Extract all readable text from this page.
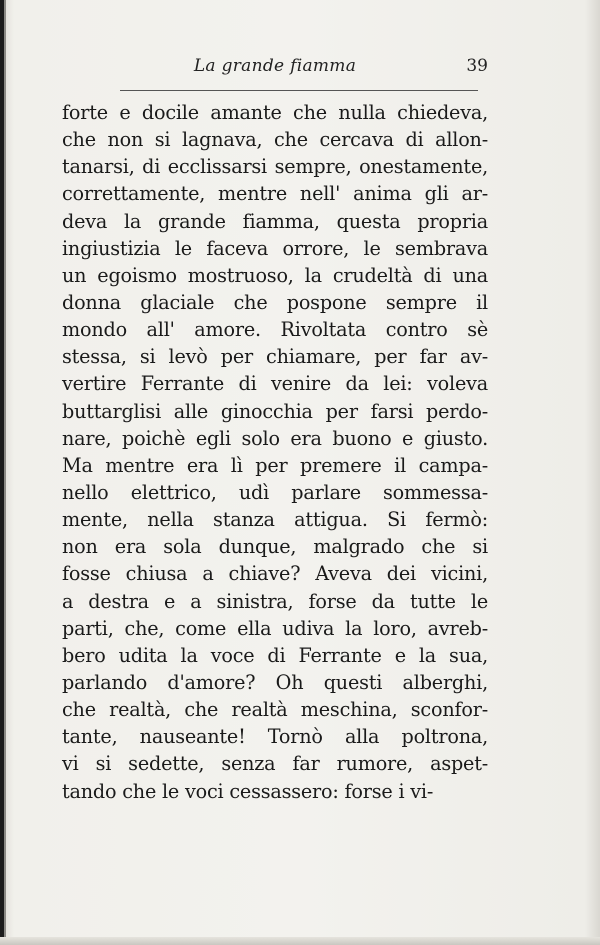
La grande fiamma	39
forte e docile amante che nulla chiedeva,
che non si lagnava, che cercava di allon-
tanarsi, di ecclissarsi sempre, onestamente,
correttamente, mentre nell' anima gli ar-
deva la grande fiamma, questa propria
ingiustizia le faceva orrore, le sembrava
un egoismo mostruoso, la crudeltà di una
donna glaciale che pospone sempre il
mondo all' amore. Rivoltata contro sè
stessa, si levò per chiamare, per far av-
vertire Ferrante di venire da lei: voleva
buttarglisi alle ginocchia per farsi perdo-
nare, poichè egli solo era buono e giusto.
Ma mentre era lì per premere il campa-
nello elettrico, udì parlare sommessa-
mente, nella stanza attigua. Si fermò:
non era sola dunque, malgrado che si
fosse chiusa a chiave? Aveva dei vicini,
a destra e a sinistra, forse da tutte le
parti, che, come ella udiva la loro, avreb-
bero udita la voce di Ferrante e la sua,
parlando d'amore? Oh questi alberghi,
che realtà, che realtà meschina, sconfor-
tante, nauseante! Tornò alla poltrona,
vi si sedette, senza far rumore, aspet-
tando che le voci cessassero: forse i vi-
